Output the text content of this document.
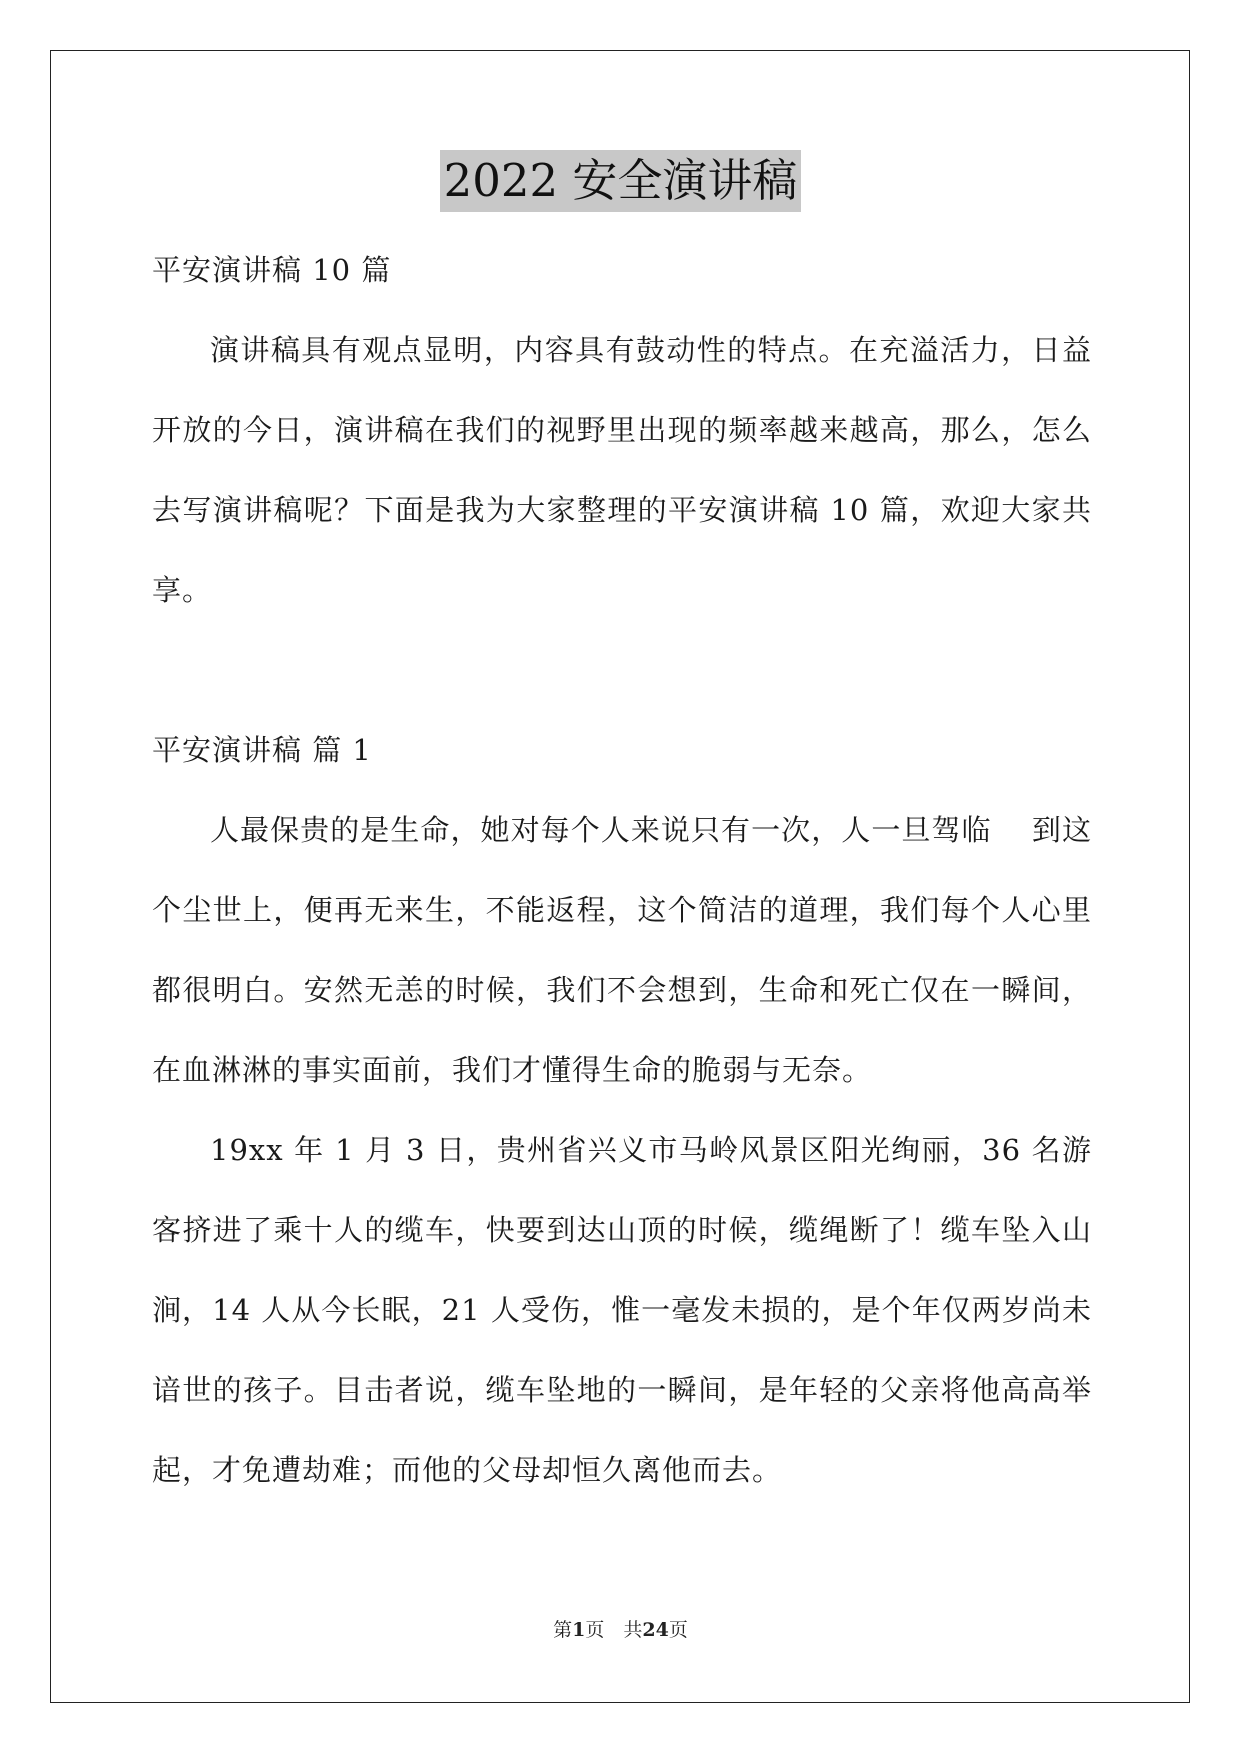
2022 安全演讲稿

平安演讲稿 10 篇

演讲稿具有观点显明，内容具有鼓动性的特点。在充溢活力，日益开放的今日，演讲稿在我们的视野里出现的频率越来越高，那么，怎么去写演讲稿呢？下面是我为大家整理的平安演讲稿 10 篇，欢迎大家共享。

平安演讲稿 篇 1

人最保贵的是生命，她对每个人来说只有一次，人一旦驾临　 到这个尘世上，便再无来生，不能返程，这个简洁的道理，我们每个人心里都很明白。安然无恙的时候，我们不会想到，生命和死亡仅在一瞬间，在血淋淋的事实面前，我们才懂得生命的脆弱与无奈。

19xx 年 1 月 3 日，贵州省兴义市马岭风景区阳光绚丽，36 名游客挤进了乘十人的缆车，快要到达山顶的时候，缆绳断了！缆车坠入山涧，14 人从今长眠，21 人受伤，惟一毫发未损的，是个年仅两岁尚未谙世的孩子。目击者说，缆车坠地的一瞬间，是年轻的父亲将他高高举起，才免遭劫难；而他的父母却恒久离他而去。

第1页　共24页
